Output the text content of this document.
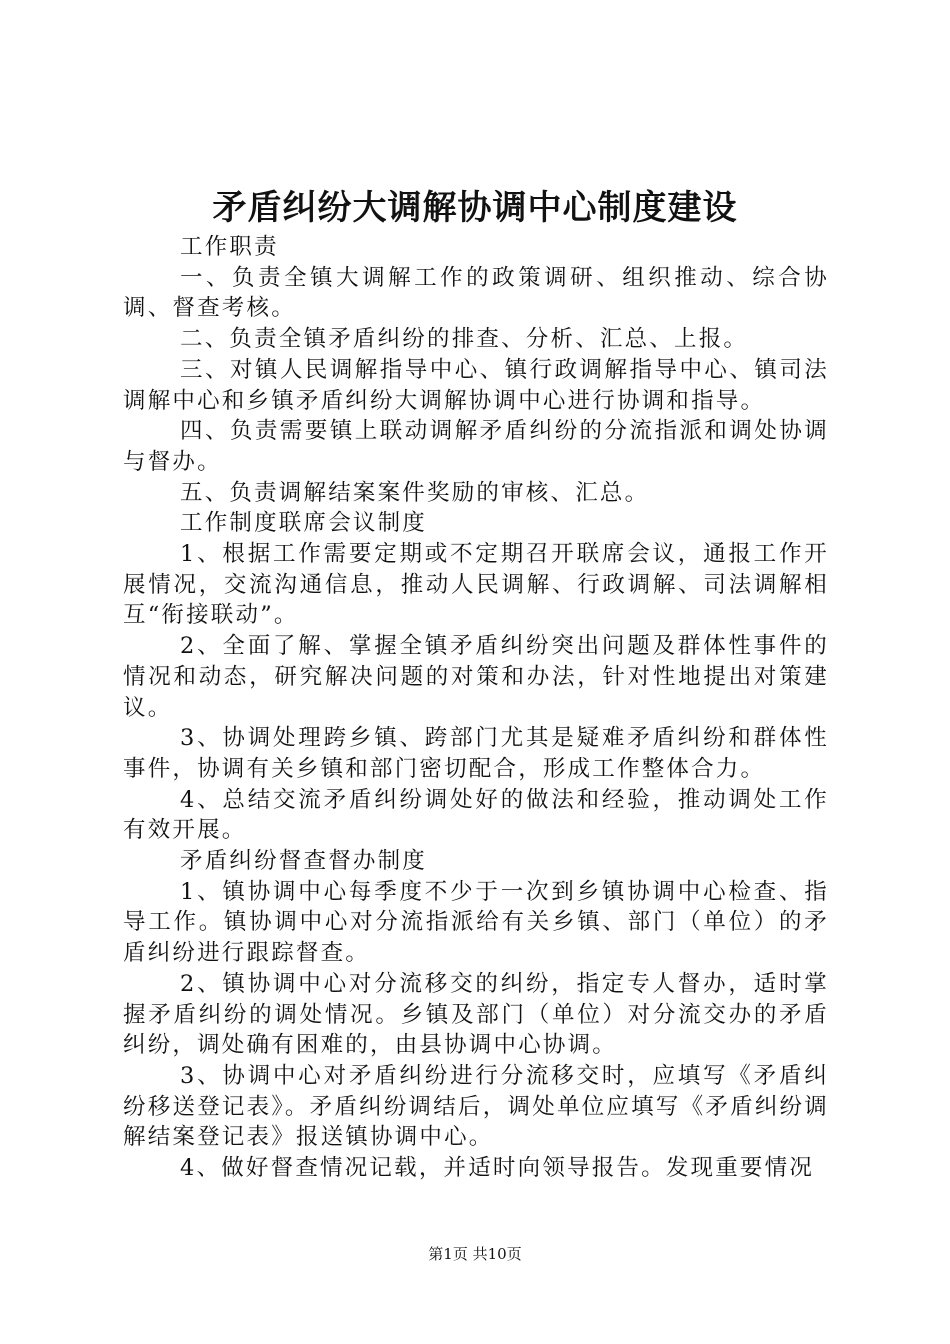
矛盾纠纷大调解协调中心制度建设

工作职责

一、负责全镇大调解工作的政策调研、组织推动、综合协调、督查考核。

二、负责全镇矛盾纠纷的排查、分析、汇总、上报。

三、对镇人民调解指导中心、镇行政调解指导中心、镇司法调解中心和乡镇矛盾纠纷大调解协调中心进行协调和指导。

四、负责需要镇上联动调解矛盾纠纷的分流指派和调处协调与督办。

五、负责调解结案案件奖励的审核、汇总。

工作制度联席会议制度

1、根据工作需要定期或不定期召开联席会议，通报工作开展情况，交流沟通信息，推动人民调解、行政调解、司法调解相互“衔接联动”。

2、全面了解、掌握全镇矛盾纠纷突出问题及群体性事件的情况和动态，研究解决问题的对策和办法，针对性地提出对策建议。

3、协调处理跨乡镇、跨部门尤其是疑难矛盾纠纷和群体性事件，协调有关乡镇和部门密切配合，形成工作整体合力。

4、总结交流矛盾纠纷调处好的做法和经验，推动调处工作有效开展。

矛盾纠纷督查督办制度

1、镇协调中心每季度不少于一次到乡镇协调中心检查、指导工作。镇协调中心对分流指派给有关乡镇、部门（单位）的矛盾纠纷进行跟踪督查。

2、镇协调中心对分流移交的纠纷，指定专人督办，适时掌握矛盾纠纷的调处情况。乡镇及部门（单位）对分流交办的矛盾纠纷，调处确有困难的，由县协调中心协调。

3、协调中心对矛盾纠纷进行分流移交时，应填写《矛盾纠纷移送登记表》。矛盾纠纷调结后，调处单位应填写《矛盾纠纷调解结案登记表》报送镇协调中心。

4、做好督查情况记载，并适时向领导报告。发现重要情况

第1页 共10页
